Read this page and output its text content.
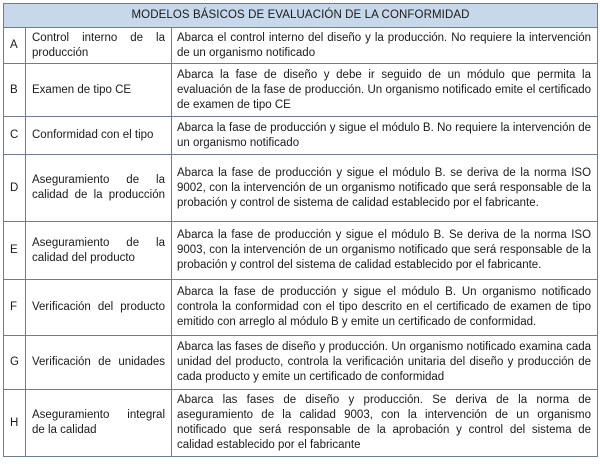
MODELOS BÁSICOS DE EVALUACIÓN DE LA CONFORMIDAD		
A	Control interno de la producción	Abarca el control interno del diseño y la producción. No requiere la intervención de un organismo notificado
B	Examen de tipo CE	Abarca la fase de diseño y debe ir seguido de un módulo que permita la evaluación de la fase de producción. Un organismo notificado emite el certificado de examen de tipo CE
C	Conformidad con el tipo	Abarca la fase de producción y sigue el módulo B. No requiere la intervención de un organismo notificado
D	Aseguramiento de la calidad de la producción	Abarca la fase de producción y sigue el módulo B. se deriva de la norma ISO 9002, con la intervención de un organismo notificado que será responsable de la probación y control de sistema de calidad establecido por el fabricante.
E	Aseguramiento de la calidad del producto	Abarca la fase de producción y sigue el módulo B. Se deriva de la norma ISO 9003, con la intervención de un organismo notificado que será responsable de la probación y control del sistema de calidad establecido por el fabricante.
F	Verificación del producto	Abarca la fase de producción y sigue el módulo B. Un organismo notificado controla la conformidad con el tipo descrito en el certificado de examen de tipo emitido con arreglo al módulo B y emite un certificado de conformidad.
G	Verificación de unidades	Abarca las fases de diseño y producción. Un organismo notificado examina cada unidad del producto, controla la verificación unitaria del diseño y producción de cada producto y emite un certificado de conformidad
H	Aseguramiento integral de la calidad	Abarca las fases de diseño y producción. Se deriva de la norma de aseguramiento de la calidad 9003, con la intervención de un organismo notificado que será responsable de la aprobación y control del sistema de calidad establecido por el fabricante
